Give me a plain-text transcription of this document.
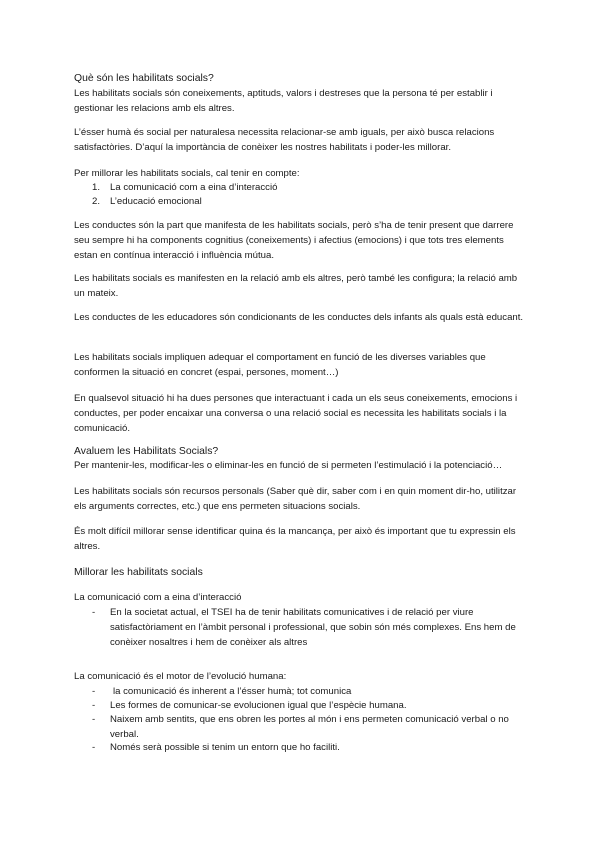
Què són les habilitats socials?

Les habilitats socials són coneixements, aptituds, valors i destreses que la persona té per establir i gestionar les relacions amb els altres.

L’ésser humà és social per naturalesa necessita relacionar-se amb iguals, per això busca relacions satisfactòries. D’aquí la importància de conèixer les nostres habilitats i poder-les millorar.

Per millorar les habilitats socials, cal tenir en compte:

1. La comunicació com a eina d’interacció
2. L’educació emocional

Les conductes són la part que manifesta de les habilitats socials, però s’ha de tenir present que darrere seu sempre hi ha components cognitius (coneixements) i afectius (emocions) i que tots tres elements estan en contínua interacció i influència mútua.

Les habilitats socials es manifesten en la relació amb els altres, però també les configura; la relació amb un mateix.

Les conductes de les educadores són condicionants de les conductes dels infants als quals està educant.

Les habilitats socials impliquen adequar el comportament en funció de les diverses variables que conformen la situació en concret (espai, persones, moment…)

En qualsevol situació hi ha dues persones que interactuant i cada un els seus coneixements, emocions i conductes, per poder encaixar una conversa o una relació social es necessita les habilitats socials i la comunicació.

Avaluem les Habilitats Socials?

Per mantenir-les, modificar-les o eliminar-les en funció de si permeten l’estimulació i la potenciació…

Les habilitats socials són recursos personals (Saber què dir, saber com i en quin moment dir-ho, utilitzar els arguments correctes, etc.) que ens permeten situacions socials.

És molt difícil millorar sense identificar quina és la mancança, per això és important que tu expressin els altres.

Millorar les habilitats socials

La comunicació com a eina d’interacció

- En la societat actual, el TSEI ha de tenir habilitats comunicatives i de relació per viure satisfactòriament en l’àmbit personal i professional, que sobin són més complexes. Ens hem de conèixer nosaltres i hem de conèixer als altres

La comunicació és el motor de l’evolució humana:

- la comunicació és inherent a l’ésser humà; tot comunica

- Les formes de comunicar-se evolucionen igual que l’espècie humana.

- Naixem amb sentits, que ens obren les portes al món i ens permeten comunicació verbal o no verbal.

- Només serà possible si tenim un entorn que ho faciliti.
